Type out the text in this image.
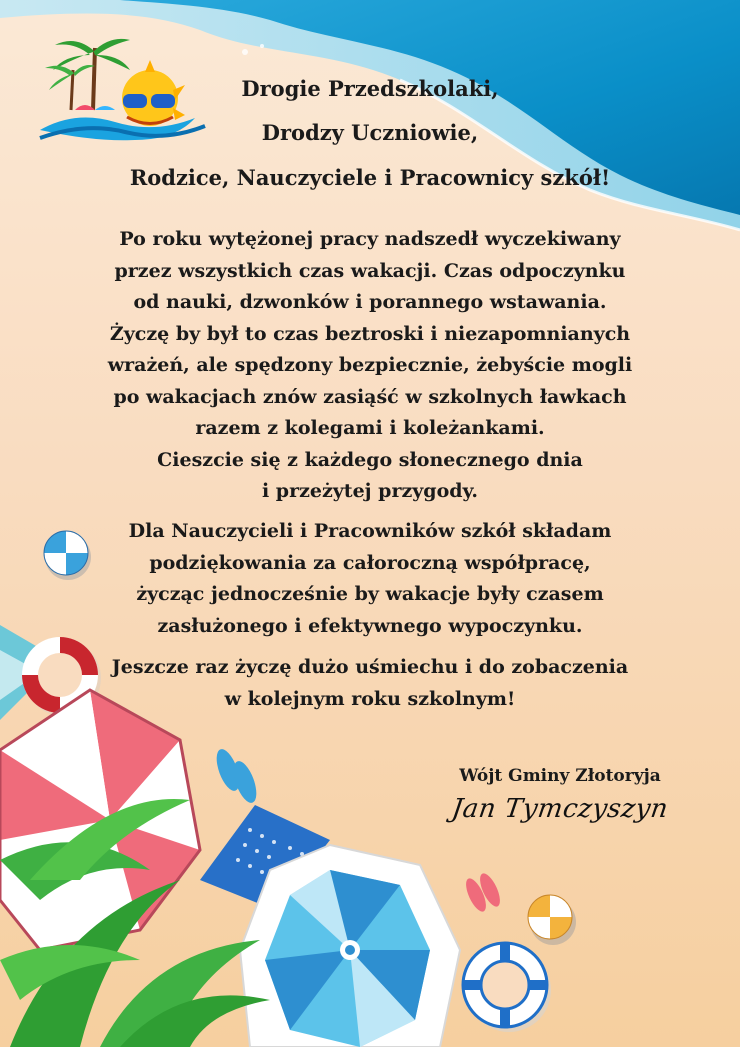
Drogie Przedszkolaki,
Drodzy Uczniowie,
Rodzice, Nauczyciele i Pracownicy szkół!
Po roku wytężonej pracy nadszedł wyczekiwany
przez wszystkich czas wakacji. Czas odpoczynku
od nauki, dzwonków i porannego wstawania.
Życzę by był to czas beztroski i niezapomnianych
wrażeń, ale spędzony bezpiecznie, żebyście mogli
po wakacjach znów zasiąść w szkolnych ławkach
razem z kolegami i koleżankami.
Cieszcie się z każdego słonecznego dnia
i przeżytej przygody.
Dla Nauczycieli i Pracowników szkół składam
podziękowania za całoroczną współpracę,
życząc jednocześnie by wakacje były czasem
zasłużonego i efektywnego wypoczynku.
Jeszcze raz życzę dużo uśmiechu i do zobaczenia
w kolejnym roku szkolnym!
Wójt Gminy Złotoryja
Jan Tymczyszyn
